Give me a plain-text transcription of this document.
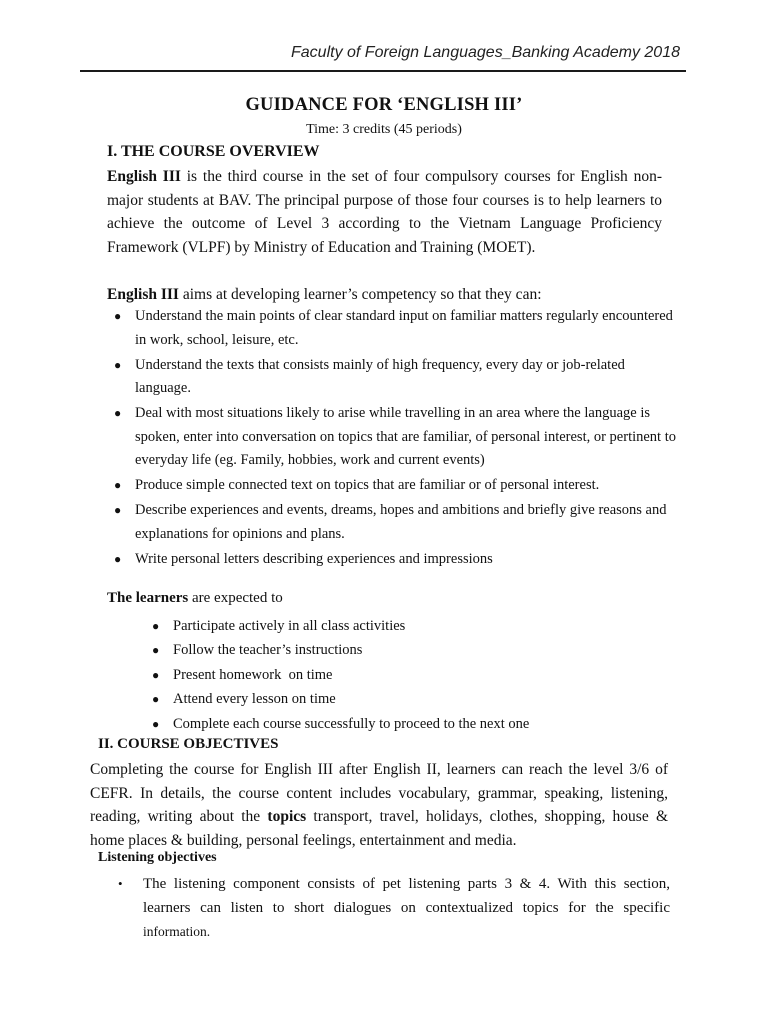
Faculty of Foreign Languages_Banking Academy 2018
GUIDANCE FOR ‘ENGLISH III’
Time: 3 credits (45 periods)
I. THE COURSE OVERVIEW
English III is the third course in the set of four compulsory courses for English non-major students at BAV. The principal purpose of those four courses is to help learners to achieve the outcome of Level 3 according to the Vietnam Language Proficiency Framework (VLPF) by Ministry of Education and Training (MOET).
English III aims at developing learner’s competency so that they can:
● Understand the main points of clear standard input on familiar matters regularly encountered in work, school, leisure, etc.
● Understand the texts that consists mainly of high frequency, every day or job-related language.
● Deal with most situations likely to arise while travelling in an area where the language is spoken, enter into conversation on topics that are familiar, of personal interest, or pertinent to everyday life (eg. Family, hobbies, work and current events)
● Produce simple connected text on topics that are familiar or of personal interest.
● Describe experiences and events, dreams, hopes and ambitions and briefly give reasons and explanations for opinions and plans.
● Write personal letters describing experiences and impressions
The learners are expected to
● Participate actively in all class activities
● Follow the teacher’s instructions
● Present homework  on time
● Attend every lesson on time
● Complete each course successfully to proceed to the next one
II. COURSE OBJECTIVES
Completing the course for English III after English II, learners can reach the level 3/6 of CEFR. In details, the course content includes vocabulary, grammar, speaking, listening, reading, writing about the topics transport, travel, holidays, clothes, shopping, house & home places & building, personal feelings, entertainment and media.
Listening objectives
• The listening component consists of pet listening parts 3 & 4. With this section, learners can listen to short dialogues on contextualized topics for the specific information.
